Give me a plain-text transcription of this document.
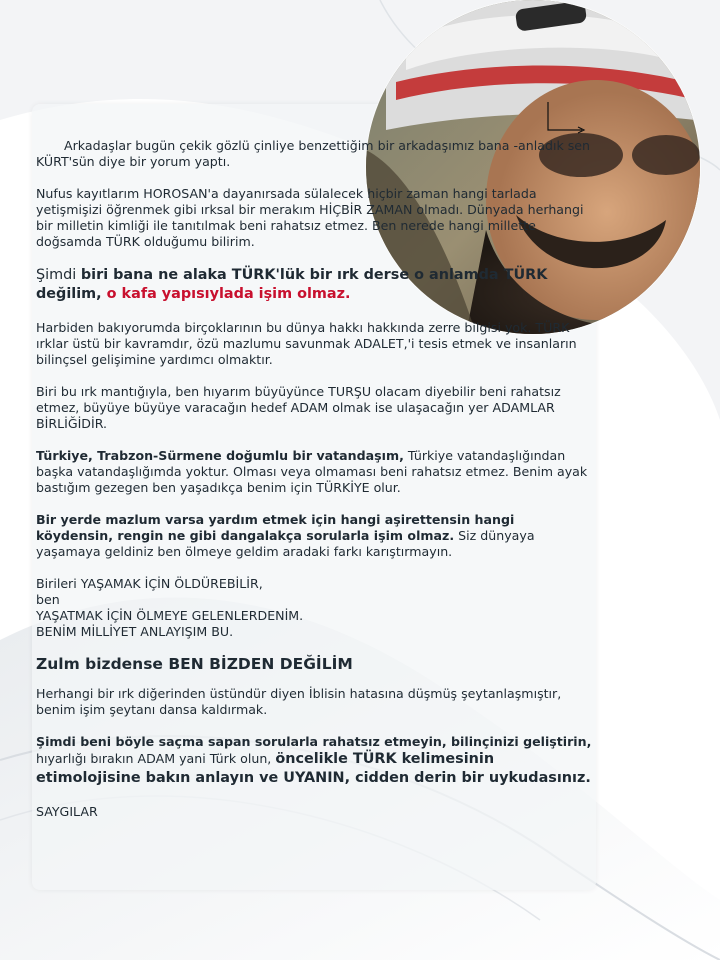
Arkadaşlar bugün çekik gözlü çinliye benzettiğim bir arkadaşımız bana -anladık sen KÜRT'sün diye bir yorum yaptı.

Nufus kayıtlarım HOROSAN'a dayanırsada sülalecek hiçbir zaman hangi tarlada yetişmişizi öğrenmek gibi ırksal bir merakım HİÇBİR ZAMAN olmadı. Dünyada herhangi bir milletin kimliği ile tanıtılmak beni rahatsız etmez. Ben nerede hangi millette doğsamda TÜRK olduğumu bilirim.

Şimdi biri bana ne alaka TÜRK'lük bir ırk derse o anlamda TÜRK değilim, o kafa yapısıylada işim olmaz.

Harbiden bakıyorumda birçoklarının bu dünya hakkı hakkında zerre bilgisi yok. TÜRK ırklar üstü bir kavramdır, özü mazlumu savunmak ADALET,'i tesis etmek ve insanların bilinçsel gelişimine yardımcı olmaktır.

Biri bu ırk mantığıyla, ben hıyarım büyüyünce TURŞU olacam diyebilir beni rahatsız etmez, büyüye büyüye varacağın hedef ADAM olmak ise ulaşacağın yer ADAMLAR BİRLİĞİDİR.

Türkiye, Trabzon-Sürmene doğumlu bir vatandaşım, Türkiye vatandaşlığından başka vatandaşlığımda yoktur. Olması veya olmaması beni rahatsız etmez. Benim ayak bastığım gezegen ben yaşadıkça benim için TÜRKİYE olur.

Bir yerde mazlum varsa yardım etmek için hangi aşirettensin hangi köydensin, rengin ne gibi dangalakça sorularla işim olmaz. Siz dünyaya yaşamaya geldiniz ben ölmeye geldim aradaki farkı karıştırmayın.

Birileri YAŞAMAK İÇİN ÖLDÜREBİLİR,
ben
YAŞATMAK İÇİN ÖLMEYE GELENLERDENİM.
BENİM MİLLİYET ANLAYIŞIM BU.
Zulm bizdense BEN BİZDEN DEĞİLİM

Herhangi bir ırk diğerinden üstündür diyen İblisin hatasına düşmüş şeytanlaşmıştır, benim işim şeytanı dansa kaldırmak.

Şimdi beni böyle saçma sapan sorularla rahatsız etmeyin, bilinçinizi geliştirin, hıyarlığı bırakın ADAM yani Türk olun, öncelikle TÜRK kelimesinin etimolojisine bakın anlayın ve UYANIN, cidden derin bir uykudasınız.

SAYGILAR
